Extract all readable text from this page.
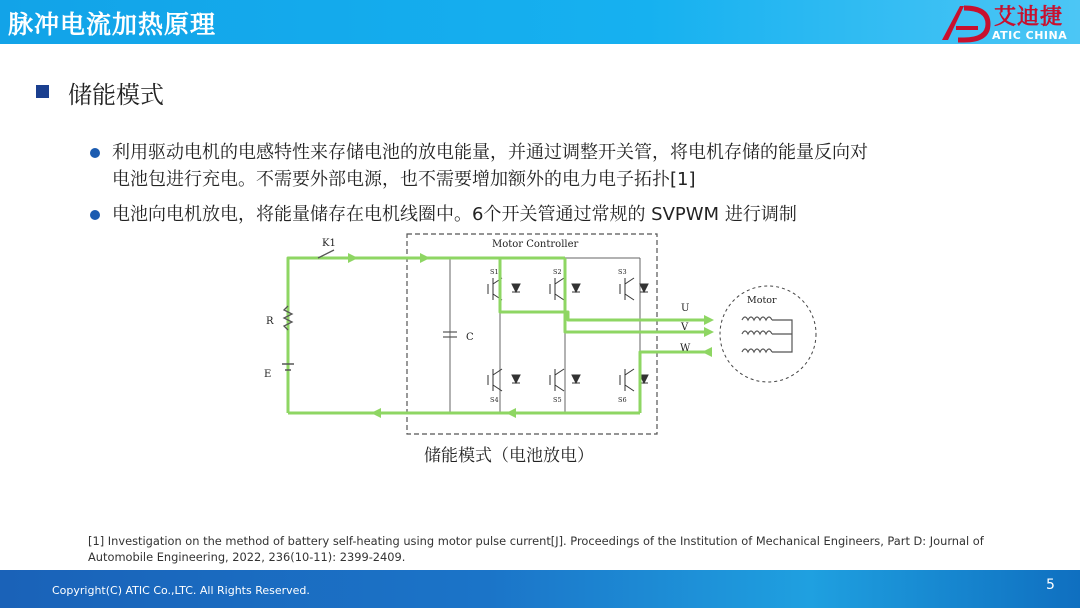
脉冲电流加热原理	艾迪捷
ATIC CHINA
储能模式
利用驱动电机的电感特性来存储电池的放电能量，并通过调整开关管，将电机存储的能量反向对
电池包进行充电。不需要外部电源，也不需要增加额外的电力电子拓扑[1]
电池向电机放电，将能量储存在电机线圈中。6个开关管通过常规的 SVPWM 进行调制
Motor Controller
C
S1	S2	S3
S4	S5	S6
K1
R
E
U
V
W
Motor
储能模式（电池放电）
[1] Investigation on the method of battery self-heating using motor pulse current[J]. Proceedings of the Institution of Mechanical Engineers, Part D: Journal of
Automobile Engineering, 2022, 236(10-11): 2399-2409.
Copyright(C) ATIC Co.,LTC. All Rights Reserved.	5
